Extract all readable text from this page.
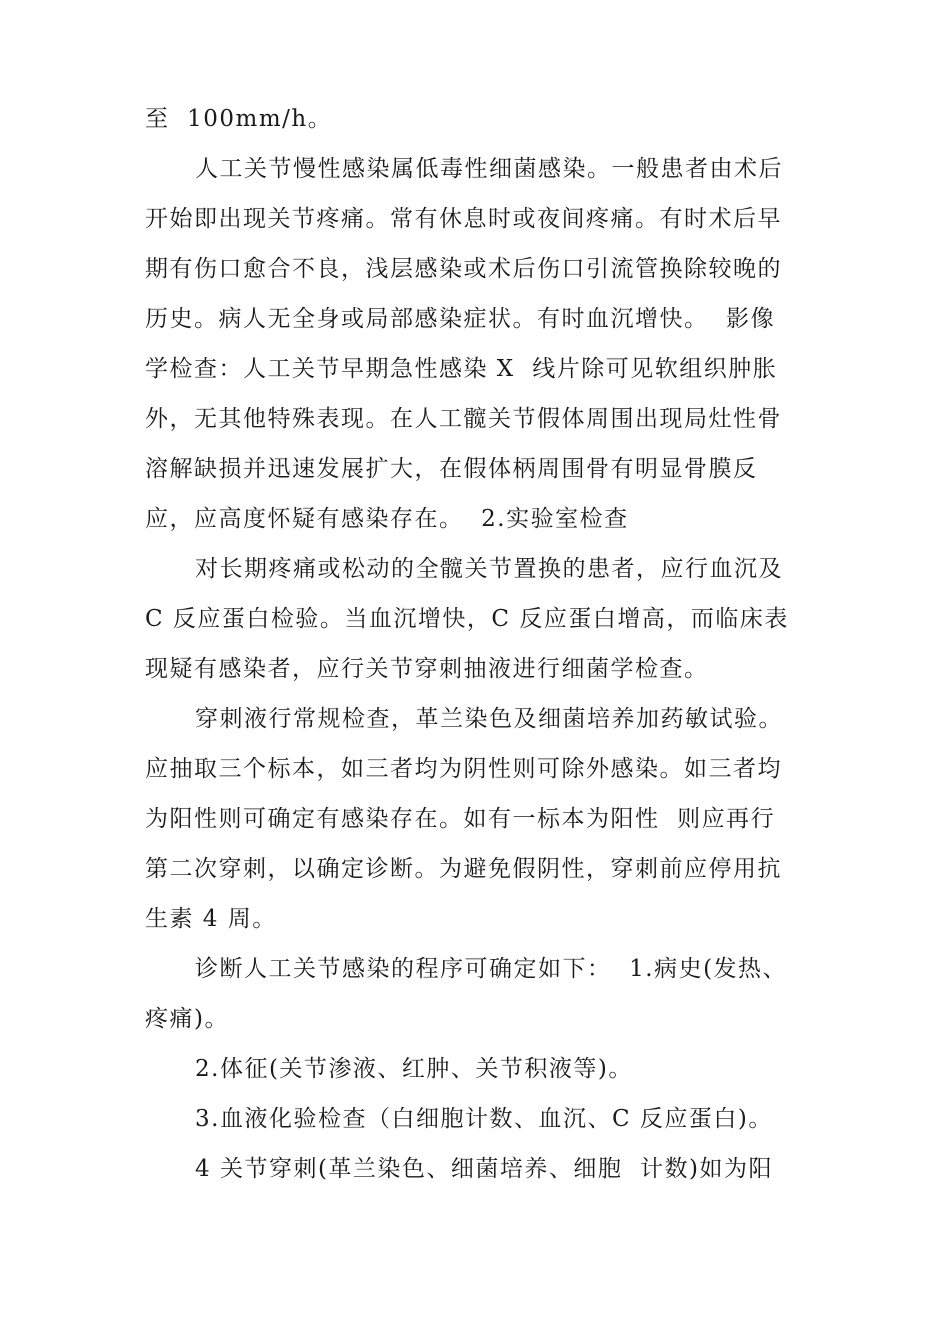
至  100mm/h。
人工关节慢性感染属低毒性细菌感染。一般患者由术后
开始即出现关节疼痛。常有休息时或夜间疼痛。有时术后早
期有伤口愈合不良，浅层感染或术后伤口引流管换除较晚的
历史。病人无全身或局部感染症状。有时血沉增快。  影像
学检查：人工关节早期急性感染 X  线片除可见软组织肿胀
外，无其他特殊表现。在人工髋关节假体周围出现局灶性骨
溶解缺损并迅速发展扩大，在假体柄周围骨有明显骨膜反
应，应高度怀疑有感染存在。  2.实验室检查
对长期疼痛或松动的全髋关节置换的患者，应行血沉及
C 反应蛋白检验。当血沉增快，C 反应蛋白增高，而临床表
现疑有感染者，应行关节穿刺抽液进行细菌学检查。
穿刺液行常规检查，革兰染色及细菌培养加药敏试验。
应抽取三个标本，如三者均为阴性则可除外感染。如三者均
为阳性则可确定有感染存在。如有一标本为阳性  则应再行
第二次穿刺，以确定诊断。为避免假阴性，穿刺前应停用抗
生素 4 周。
诊断人工关节感染的程序可确定如下：  1.病史(发热、
疼痛)。
2.体征(关节渗液、红肿、关节积液等)。
3.血液化验检查（白细胞计数、血沉、C 反应蛋白)。
4 关节穿刺(革兰染色、细菌培养、细胞  计数)如为阳
